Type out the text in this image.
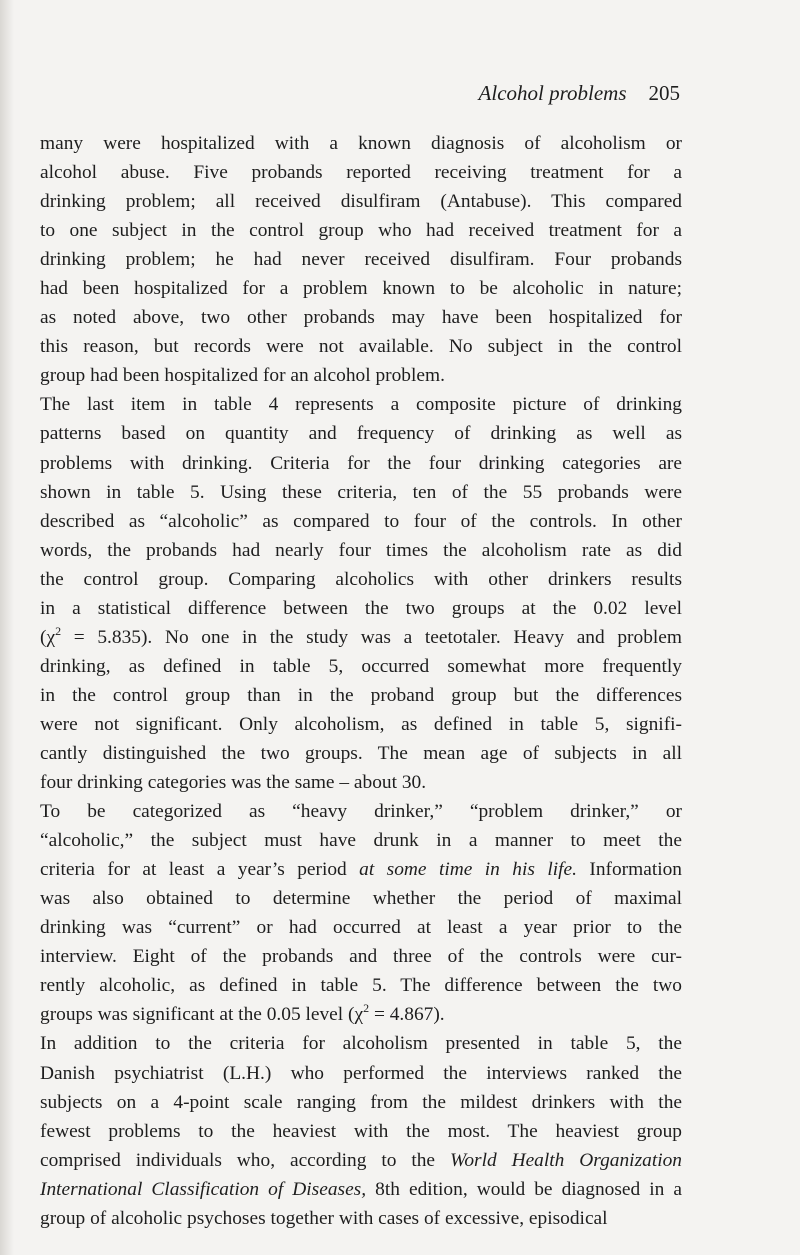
Alcohol problems 205
many were hospitalized with a known diagnosis of alcoholism or
alcohol abuse. Five probands reported receiving treatment for a
drinking problem; all received disulfiram (Antabuse). This compared
to one subject in the control group who had received treatment for a
drinking problem; he had never received disulfiram. Four probands
had been hospitalized for a problem known to be alcoholic in nature;
as noted above, two other probands may have been hospitalized for
this reason, but records were not available. No subject in the control
group had been hospitalized for an alcohol problem.
The last item in table 4 represents a composite picture of drinking
patterns based on quantity and frequency of drinking as well as
problems with drinking. Criteria for the four drinking categories are
shown in table 5. Using these criteria, ten of the 55 probands were
described as “alcoholic” as compared to four of the controls. In other
words, the probands had nearly four times the alcoholism rate as did
the control group. Comparing alcoholics with other drinkers results
in a statistical difference between the two groups at the 0.02 level
$(\chi^2 = 5.835)$. No one in the study was a teetotaler. Heavy and problem
drinking, as defined in table 5, occurred somewhat more frequently
in the control group than in the proband group but the differences
were not significant. Only alcoholism, as defined in table 5, signifi-
cantly distinguished the two groups. The mean age of subjects in all
four drinking categories was the same – about 30.
To be categorized as “heavy drinker,” “problem drinker,” or
“alcoholic,” the subject must have drunk in a manner to meet the
criteria for at least a year’s period at some time in his life. Information
was also obtained to determine whether the period of maximal
drinking was “current” or had occurred at least a year prior to the
interview. Eight of the probands and three of the controls were cur-
rently alcoholic, as defined in table 5. The difference between the two
groups was significant at the 0.05 level $(\chi^2 = 4.867)$.
In addition to the criteria for alcoholism presented in table 5, the
Danish psychiatrist (L.H.) who performed the interviews ranked the
subjects on a 4-point scale ranging from the mildest drinkers with the
fewest problems to the heaviest with the most. The heaviest group
comprised individuals who, according to the World Health Organization
International Classification of Diseases, 8th edition, would be diagnosed in a
group of alcoholic psychoses together with cases of excessive, episodical
